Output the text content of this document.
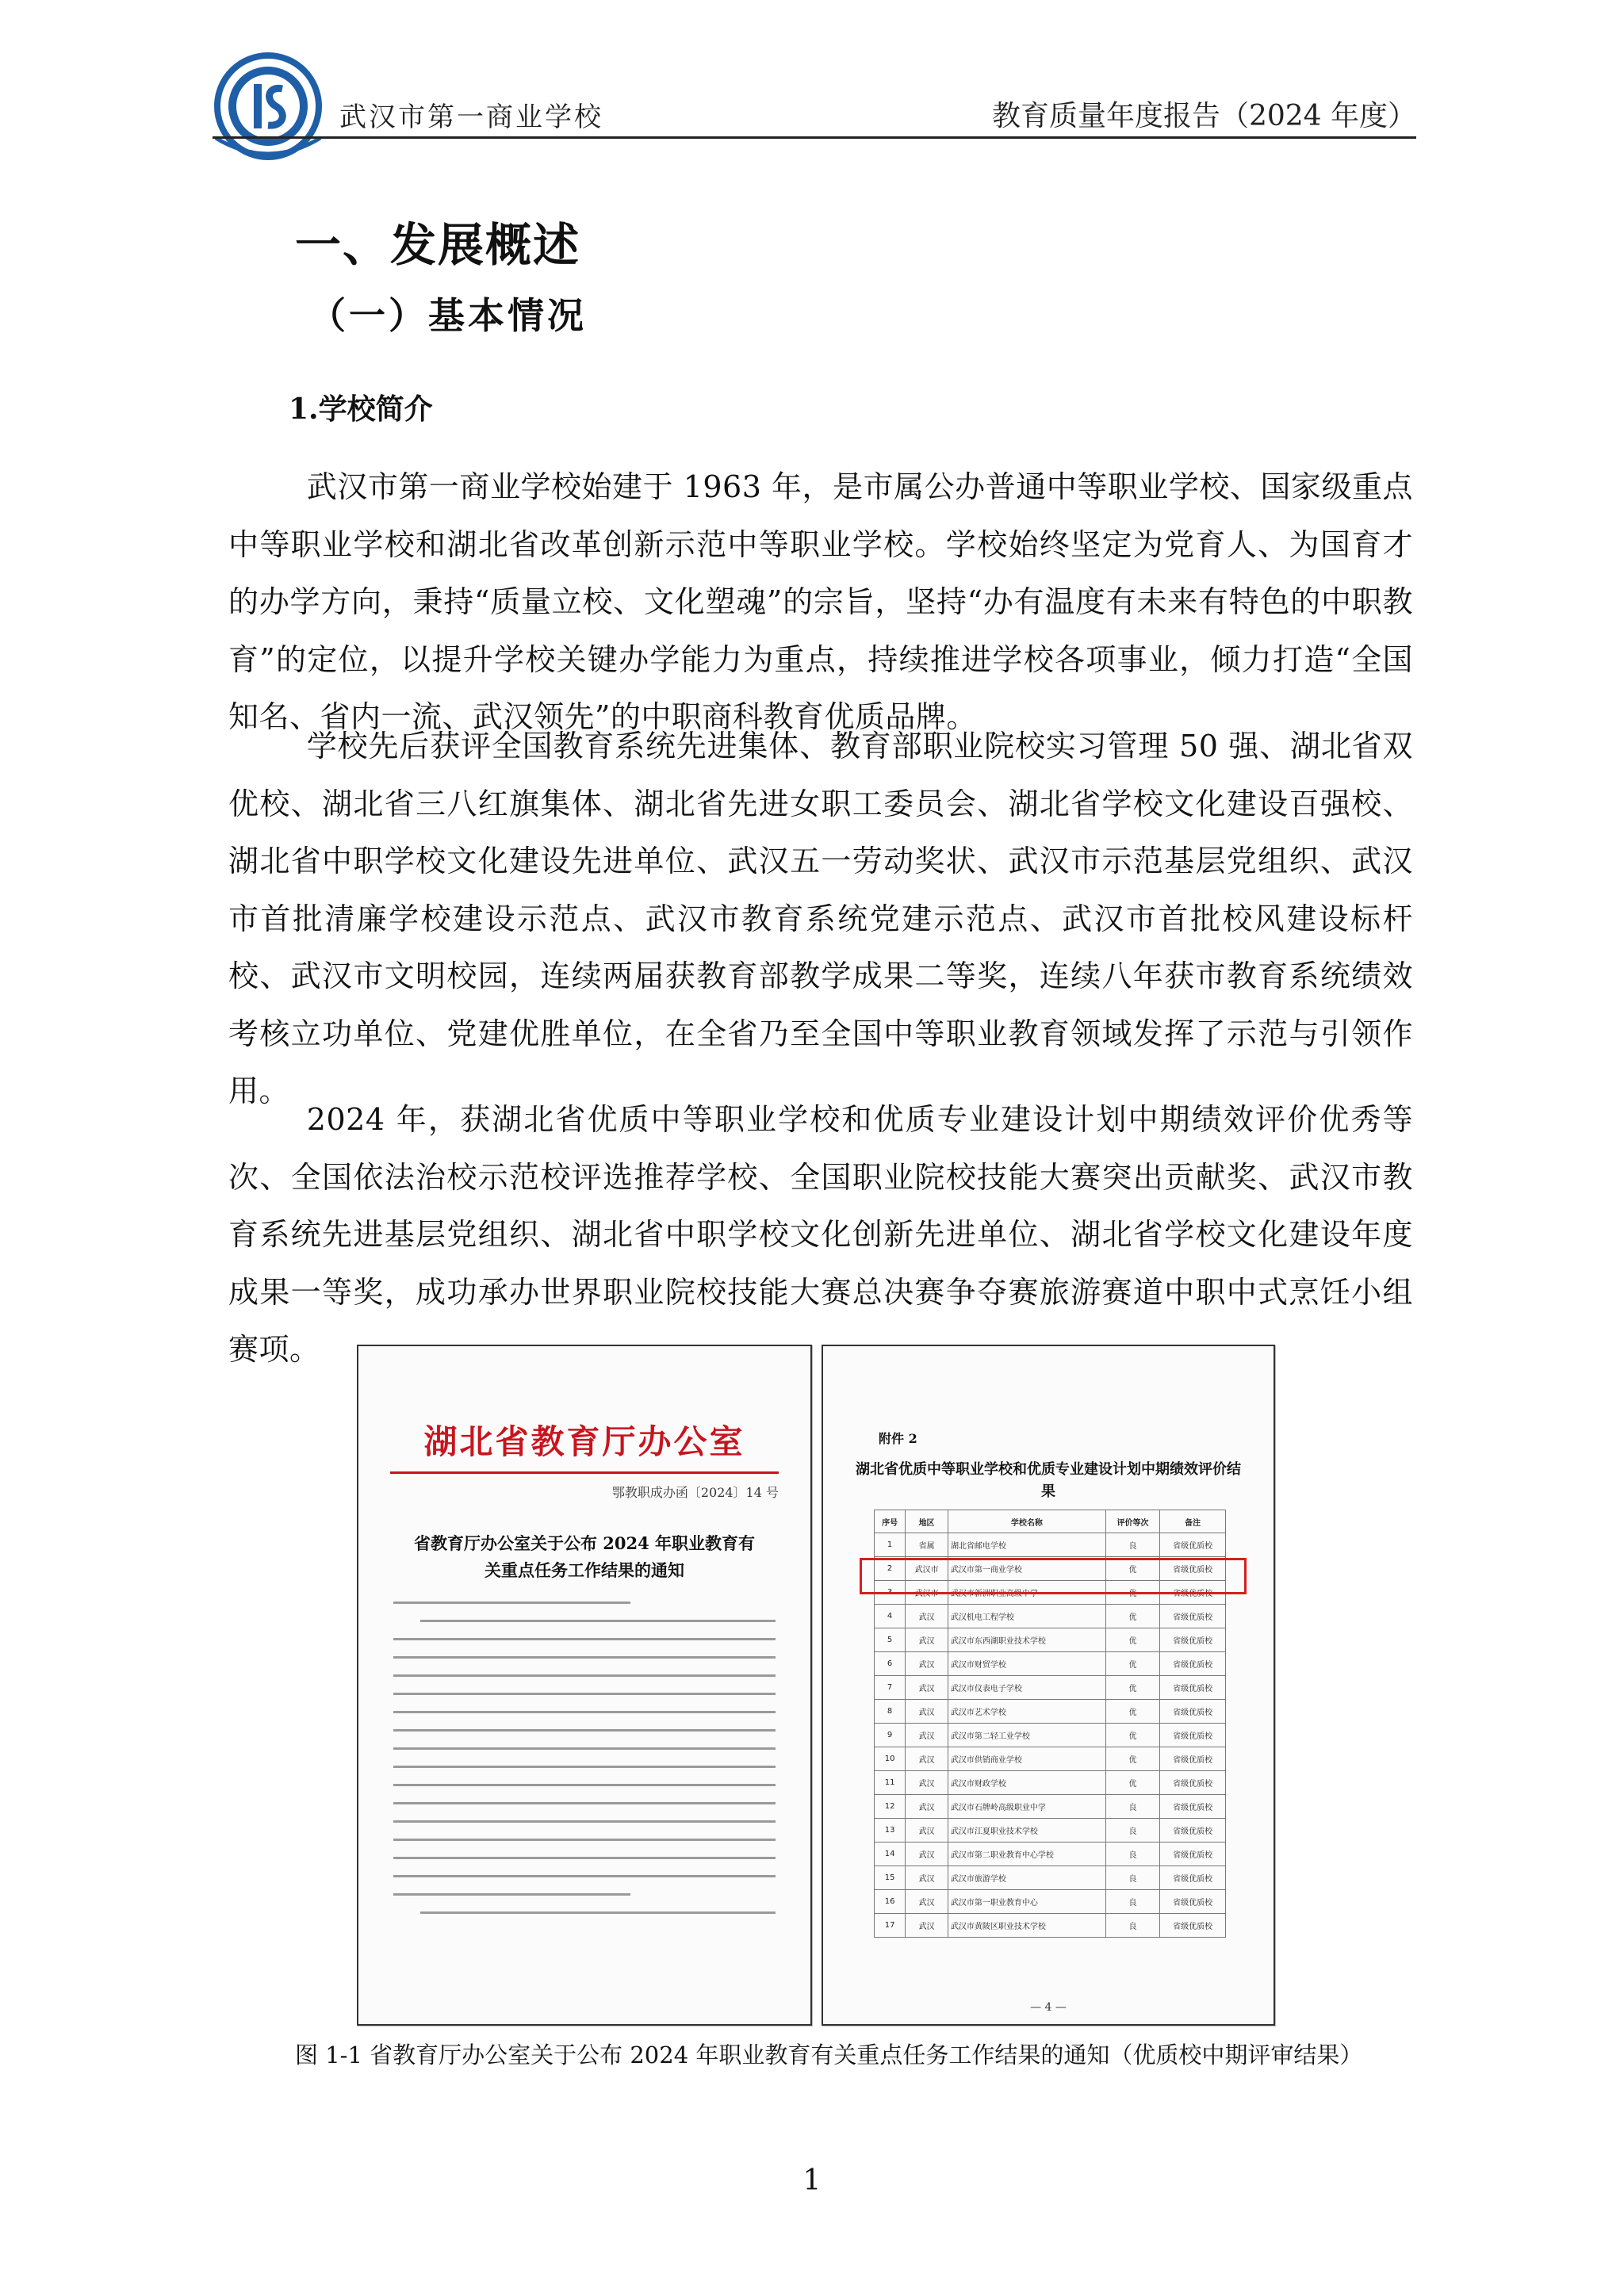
武汉市第一商业学校	教育质量年度报告（2024 年度）
一、发展概述
（一）基本情况
1.学校简介

武汉市第一商业学校始建于 1963 年，是市属公办普通中等职业学校、国家级重点中等职业学校和湖北省改革创新示范中等职业学校。学校始终坚定为党育人、为国育才的办学方向，秉持“质量立校、文化塑魂”的宗旨，坚持“办有温度有未来有特色的中职教育”的定位，以提升学校关键办学能力为重点，持续推进学校各项事业，倾力打造“全国知名、省内一流、武汉领先”的中职商科教育优质品牌。

学校先后获评全国教育系统先进集体、教育部职业院校实习管理 50 强、湖北省双优校、湖北省三八红旗集体、湖北省先进女职工委员会、湖北省学校文化建设百强校、湖北省中职学校文化建设先进单位、武汉五一劳动奖状、武汉市示范基层党组织、武汉市首批清廉学校建设示范点、武汉市教育系统党建示范点、武汉市首批校风建设标杆校、武汉市文明校园，连续两届获教育部教学成果二等奖，连续八年获市教育系统绩效考核立功单位、党建优胜单位，在全省乃至全国中等职业教育领域发挥了示范与引领作用。

2024 年，获湖北省优质中等职业学校和优质专业建设计划中期绩效评价优秀等次、全国依法治校示范校评选推荐学校、全国职业院校技能大赛突出贡献奖、武汉市教育系统先进基层党组织、湖北省中职学校文化创新先进单位、湖北省学校文化建设年度成果一等奖，成功承办世界职业院校技能大赛总决赛争夺赛旅游赛道中职中式烹饪小组赛项。

湖北省教育厅办公室
鄂教职成办函〔2024〕14 号
省教育厅办公室关于公布 2024 年职业教育有关重点任务工作结果的通知
附件 2
湖北省优质中等职业学校和优质专业建设计划中期绩效评价结果
序号	地区	学校名称	评价等次	备注
1	省属	湖北省邮电学校	良	省级优质校
2	武汉市	武汉市第一商业学校	优	省级优质校
3	武汉市	武汉市新洲职业高级中学	优	省级优质校
4	武汉	武汉机电工程学校	优	省级优质校
5	武汉	武汉市东西湖职业技术学校	优	省级优质校
6	武汉	武汉市财贸学校	优	省级优质校
7	武汉	武汉市仪表电子学校	优	省级优质校
8	武汉	武汉市艺术学校	优	省级优质校
9	武汉	武汉市第二轻工业学校	优	省级优质校
10	武汉	武汉市供销商业学校	优	省级优质校
11	武汉	武汉市财政学校	优	省级优质校
12	武汉	武汉市石牌岭高级职业中学	良	省级优质校
13	武汉	武汉市江夏职业技术学校	良	省级优质校
14	武汉	武汉市第二职业教育中心学校	良	省级优质校
15	武汉	武汉市旅游学校	良	省级优质校
16	武汉	武汉市第一职业教育中心	良	省级优质校
17	武汉	武汉市黄陂区职业技术学校	良	省级优质校
— 4 —
图 1-1 省教育厅办公室关于公布 2024 年职业教育有关重点任务工作结果的通知（优质校中期评审结果）
1
